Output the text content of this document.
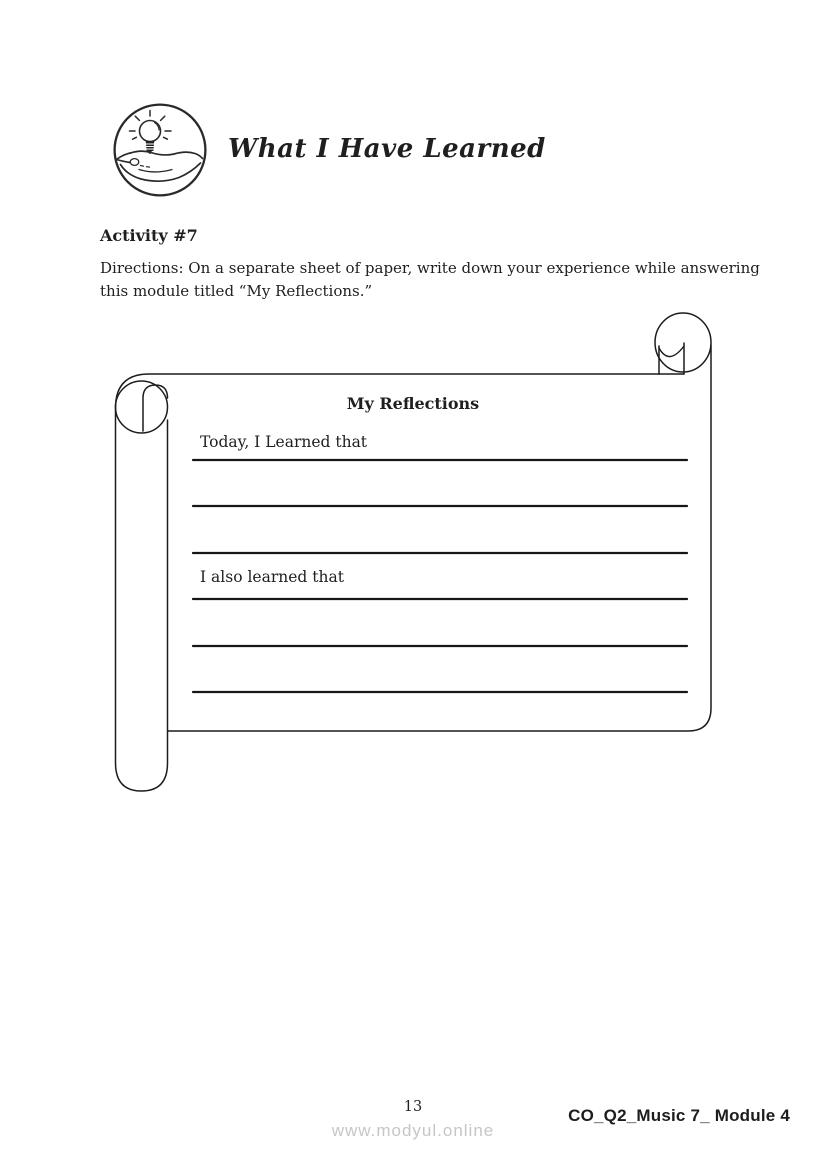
What I Have Learned
Activity #7
Directions: On a separate sheet of paper, write down your experience while answering this module titled “My Reflections.”
My Reflections
Today, I Learned that
I also learned that
13
www.modyul.online
CO_Q2_Music 7_ Module 4
